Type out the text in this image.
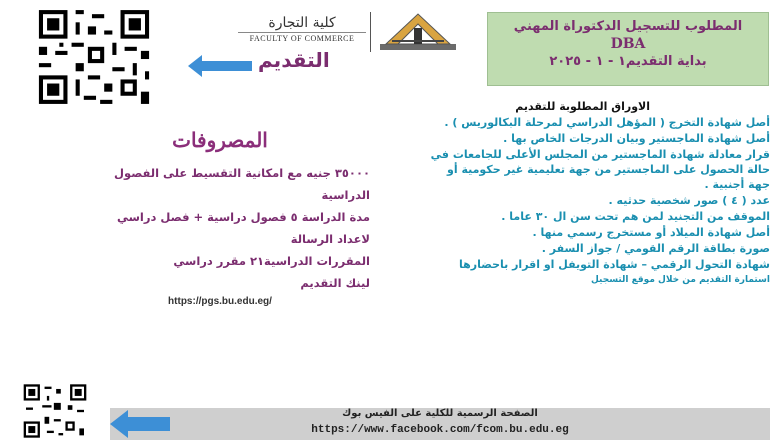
كلية التجارة
FACULTY OF COMMERCE
المطلوب للتسجيل الدكتوراة المهني
DBA
بداية التقديم١ - ١ - ٢٠٢٥
التقديم
الاوراق المطلوبة للتقديم
أصل شهادة التخرج ( المؤهل الدراسي لمرحلة البكالوريس ) .
أصل شهادة الماجستير وبيان الدرجات الخاص بها .
قرار معادلة شهادة الماجستير من المجلس الأعلى للجامعات في حالة الحصول على الماجستير من جهة تعليمية غير حكومية أو جهة أجنبية .
عدد ( ٤ ) صور شخصية حدثيه .
الموقف من التجنيد لمن هم تحت سن ال ٣٠ عاما .
أصل شهادة الميلاد أو مستخرج رسمي منها .
صورة بطاقة الرقم القومي / جواز السفر .
شهادة التحول الرقمي – شهادة التويفل او اقرار باحضارها
استمارة التقديم من خلال موقع التسجيل
المصروفات
٣٥٠٠٠ جنيه مع امكانية التقسيط على الفصول
الدراسية
مدة الدراسة ٥ فصول دراسية + فصل دراسي
لاعداد الرسالة
المقررات الدراسية٢١ مقرر دراسي
لينك التقديم
https://pgs.bu.edu.eg/
الصفحة الرسمية للكلية على الفيس بوك
https://www.facebook.com/fcom.bu.edu.eg
